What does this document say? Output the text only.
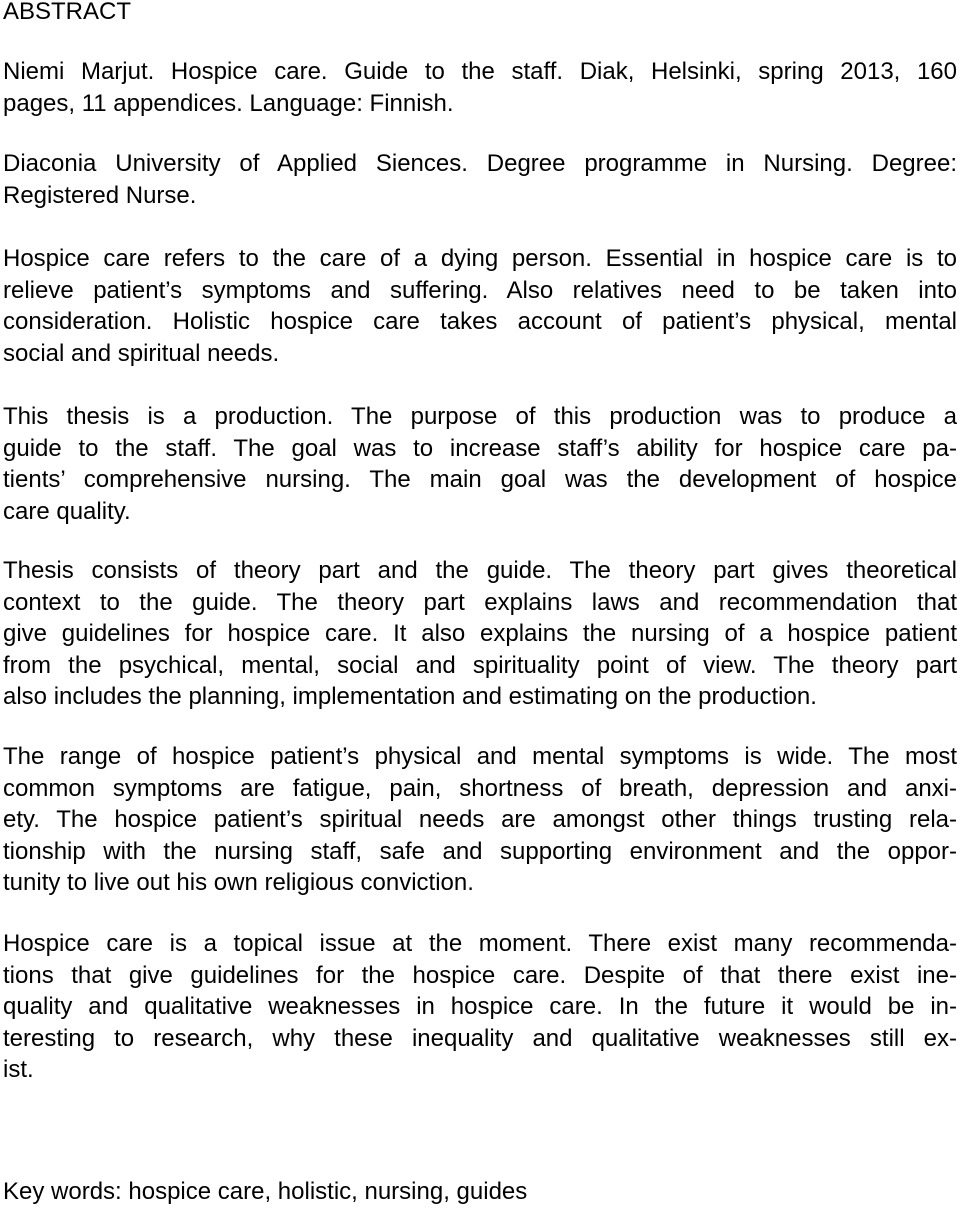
ABSTRACT
Niemi Marjut. Hospice care. Guide to the staff. Diak, Helsinki, spring 2013, 160
pages, 11 appendices. Language: Finnish.
Diaconia University of Applied Siences. Degree programme in Nursing. Degree:
Registered Nurse.
Hospice care refers to the care of a dying person. Essential in hospice care is to
relieve patient’s symptoms and suffering. Also relatives need to be taken into
consideration. Holistic hospice care takes account of patient’s physical, mental
social and spiritual needs.
This thesis is a production. The purpose of this production was to produce a
guide to the staff. The goal was to increase staff’s ability for hospice care pa-
tients’ comprehensive nursing. The main goal was the development of hospice
care quality.
Thesis consists of theory part and the guide. The theory part gives theoretical
context to the guide. The theory part explains laws and recommendation that
give guidelines for hospice care. It also explains the nursing of a hospice patient
from the psychical, mental, social and spirituality point of view. The theory part
also includes the planning, implementation and estimating on the production.
The range of hospice patient’s physical and mental symptoms is wide. The most
common symptoms are fatigue, pain, shortness of breath, depression and anxi-
ety. The hospice patient’s spiritual needs are amongst other things trusting rela-
tionship with the nursing staff, safe and supporting environment and the oppor-
tunity to live out his own religious conviction.
Hospice care is a topical issue at the moment. There exist many recommenda-
tions that give guidelines for the hospice care. Despite of that there exist ine-
quality and qualitative weaknesses in hospice care. In the future it would be in-
teresting to research, why these inequality and qualitative weaknesses still ex-
ist.
Key words: hospice care, holistic, nursing, guides
